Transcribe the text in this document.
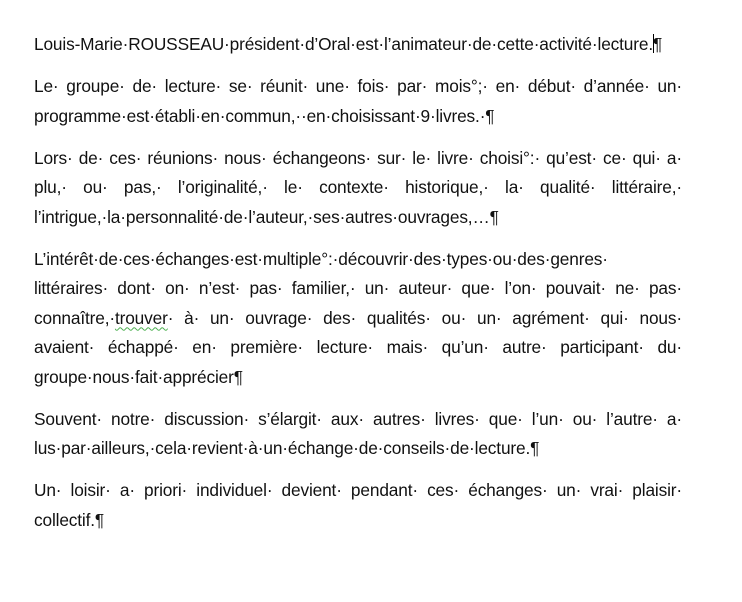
Louis-Marie·ROUSSEAU·président·d’Oral·est·l’animateur·de·cette·activité·lecture.¶

Le· groupe· de· lecture· se· réunit· une· fois· par· mois°;· en· début· d’année· un· programme·est·établi·en·commun,··en·choisissant·9·livres.·¶

Lors· de· ces· réunions· nous· échangeons· sur· le· livre· choisi°:· qu’est· ce· qui· a· plu,· ou· pas,· l’originalité,· le· contexte· historique,· la· qualité· littéraire,· l’intrigue,·la·personnalité·de·l’auteur,·ses·autres·ouvrages,…¶

L’intérêt·de·ces·échanges·est·multiple°:·découvrir·des·types·ou·des·genres· littéraires· dont· on· n’est· pas· familier,· un· auteur· que· l’on· pouvait· ne· pas· connaître,·trouver· à· un· ouvrage· des· qualités· ou· un· agrément· qui· nous· avaient· échappé· en· première· lecture· mais· qu’un· autre· participant· du· groupe·nous·fait·apprécier¶

Souvent· notre· discussion· s’élargit· aux· autres· livres· que· l’un· ou· l’autre· a· lus·par·ailleurs,·cela·revient·à·un·échange·de·conseils·de·lecture.¶

Un· loisir· a· priori· individuel· devient· pendant· ces· échanges· un· vrai· plaisir· collectif.¶
